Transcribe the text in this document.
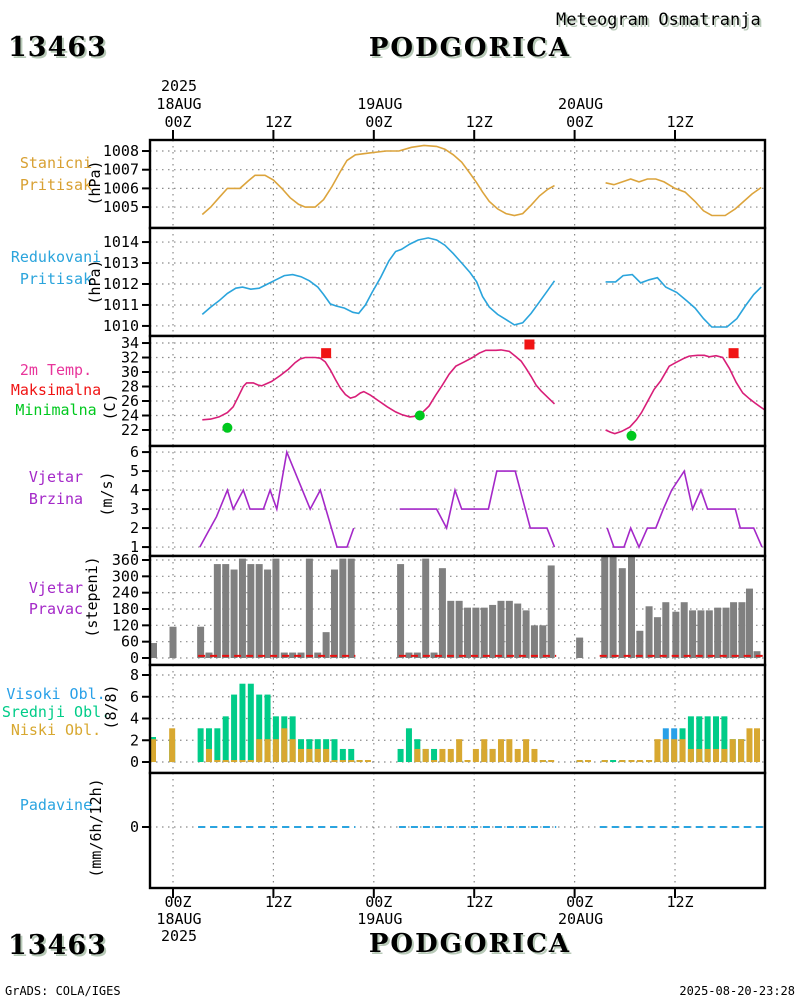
1005
1006
1007
1008
1010
1011
1012
1013
1014
22
24
26
28
30
32
34
1
2
3
4
5
6
0
60
120
180
240
300
360
0
2
4
6
8
0
00Z
00Z
12Z
12Z
00Z
00Z
12Z
12Z
00Z
00Z
12Z
12Z
18AUG
18AUG
19AUG
19AUG
20AUG
20AUG
2025
2025
13463	PODGORICA
Meteogram Osmatranja
Stanicni
Pritisak
Redukovani
Pritisak
2m Temp.
Maksimalna
Minimalna
Vjetar
Brzina
Vjetar
Pravac
Visoki Obl.
Srednji Obl.
Niski Obl.
Padavine
(hPa)
(hPa)
(C)
(m/s)
(stepeni)
(8/8)
(mm/6h/12h)
13463	PODGORICA
GrADS: COLA/IGES	2025-08-20-23:28
